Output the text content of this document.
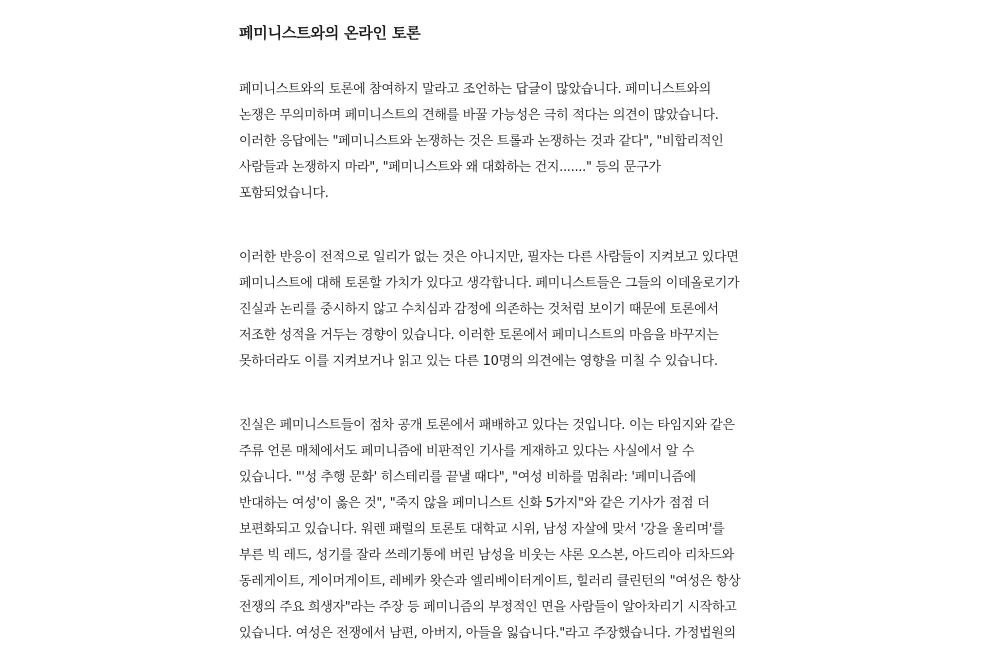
페미니스트와의 온라인 토론
페미니스트와의 토론에 참여하지 말라고 조언하는 답글이 많았습니다. 페미니스트와의
논쟁은 무의미하며 페미니스트의 견해를 바꿀 가능성은 극히 적다는 의견이 많았습니다.
이러한 응답에는 "페미니스트와 논쟁하는 것은 트롤과 논쟁하는 것과 같다", "비합리적인
사람들과 논쟁하지 마라", "페미니스트와 왜 대화하는 건지......." 등의 문구가
포함되었습니다.
이러한 반응이 전적으로 일리가 없는 것은 아니지만, 필자는 다른 사람들이 지켜보고 있다면
페미니스트에 대해 토론할 가치가 있다고 생각합니다. 페미니스트들은 그들의 이데올로기가
진실과 논리를 중시하지 않고 수치심과 감정에 의존하는 것처럼 보이기 때문에 토론에서
저조한 성적을 거두는 경향이 있습니다. 이러한 토론에서 페미니스트의 마음을 바꾸지는
못하더라도 이를 지켜보거나 읽고 있는 다른 10명의 의견에는 영향을 미칠 수 있습니다.
진실은 페미니스트들이 점차 공개 토론에서 패배하고 있다는 것입니다. 이는 타임지와 같은
주류 언론 매체에서도 페미니즘에 비판적인 기사를 게재하고 있다는 사실에서 알 수
있습니다. "'성 추행 문화' 히스테리를 끝낼 때다", "여성 비하를 멈춰라: '페미니즘에
반대하는 여성'이 옳은 것", "죽지 않을 페미니스트 신화 5가지"와 같은 기사가 점점 더
보편화되고 있습니다. 워렌 패럴의 토론토 대학교 시위, 남성 자살에 맞서 '강을 울리며'를
부른 빅 레드, 성기를 잘라 쓰레기통에 버린 남성을 비웃는 샤론 오스본, 아드리아 리차드와
동레게이트, 게이머게이트, 레베카 왓슨과 엘리베이터게이트, 힐러리 클린턴의 "여성은 항상
전쟁의 주요 희생자"라는 주장 등 페미니즘의 부정적인 면을 사람들이 알아차리기 시작하고
있습니다. 여성은 전쟁에서 남편, 아버지, 아들을 잃습니다."라고 주장했습니다. 가정법원의
